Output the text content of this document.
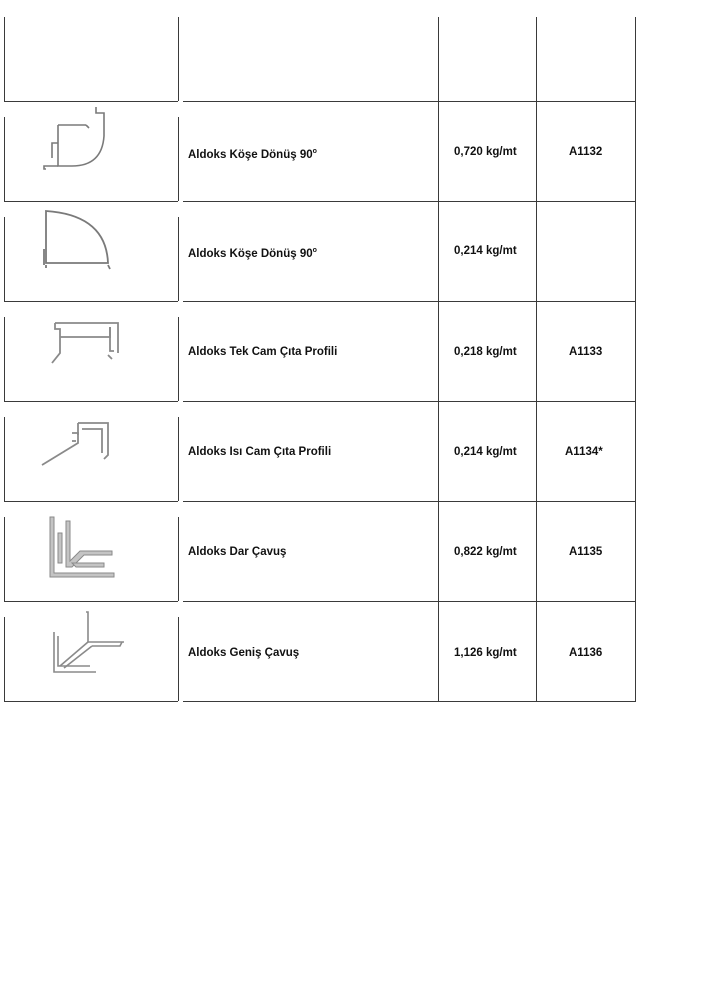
Aldoks Köşe Dönüş 90$^o$	0,720 kg/mt	A1132
Aldoks Köşe Dönüş 90$^o$	0,214 kg/mt
Aldoks Tek Cam Çıta Profili	0,218 kg/mt	A1133
Aldoks Isı Cam Çıta Profili	0,214 kg/mt	A1134*
Aldoks Dar Çavuş	0,822 kg/mt	A1135
Aldoks Geniş Çavuş	1,126 kg/mt	A1136
